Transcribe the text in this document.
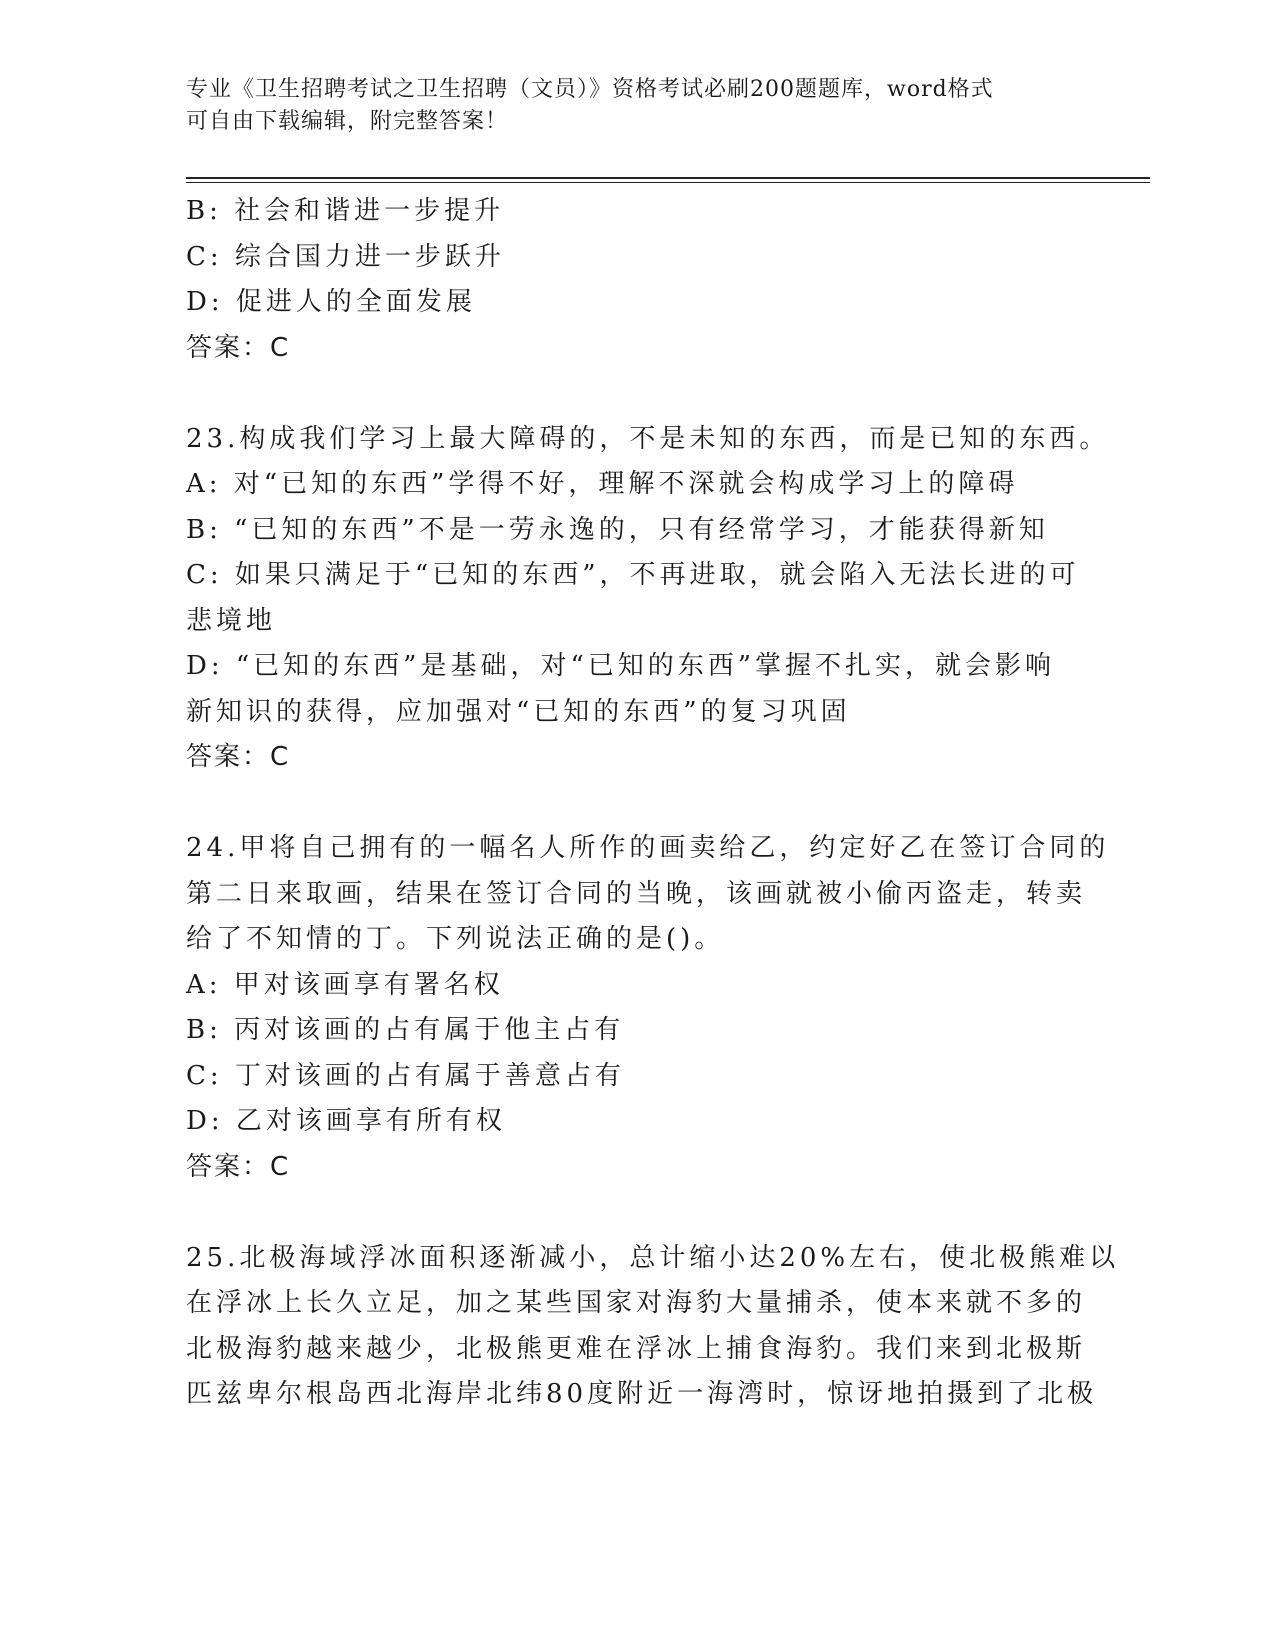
专业《卫生招聘考试之卫生招聘（文员）》资格考试必刷200题题库，word格式
可自由下载编辑，附完整答案！
B: 社会和谐进一步提升
C: 综合国力进一步跃升
D: 促进人的全面发展
答案：C
23.构成我们学习上最大障碍的，不是未知的东西，而是已知的东西。
A: 对“已知的东西”学得不好，理解不深就会构成学习上的障碍
B: “已知的东西”不是一劳永逸的，只有经常学习，才能获得新知
C: 如果只满足于“已知的东西”，不再进取，就会陷入无法长进的可
悲境地
D: “已知的东西”是基础，对“已知的东西”掌握不扎实，就会影响
新知识的获得，应加强对“已知的东西”的复习巩固
答案：C
24.甲将自己拥有的一幅名人所作的画卖给乙，约定好乙在签订合同的
第二日来取画，结果在签订合同的当晚，该画就被小偷丙盗走，转卖
给了不知情的丁。下列说法正确的是()。
A: 甲对该画享有署名权
B: 丙对该画的占有属于他主占有
C: 丁对该画的占有属于善意占有
D: 乙对该画享有所有权
答案：C
25.北极海域浮冰面积逐渐减小，总计缩小达20%左右，使北极熊难以
在浮冰上长久立足，加之某些国家对海豹大量捕杀，使本来就不多的
北极海豹越来越少，北极熊更难在浮冰上捕食海豹。我们来到北极斯
匹兹卑尔根岛西北海岸北纬80度附近一海湾时，惊讶地拍摄到了北极
